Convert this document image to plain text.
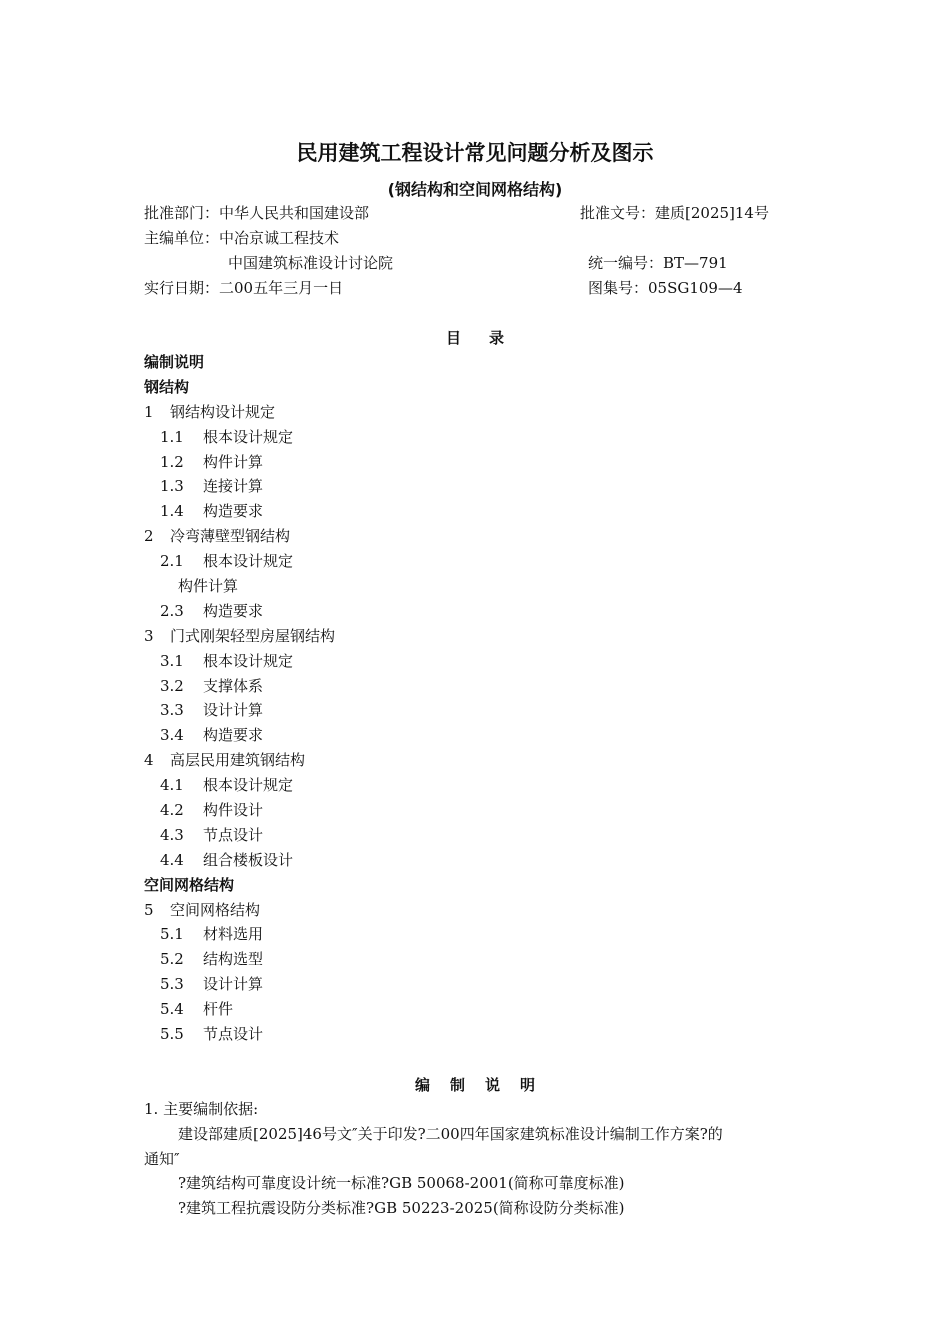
民用建筑工程设计常见问题分析及图示
(钢结构和空间网格结构)
批准部门：中华人民共和国建设部	批准文号：建质[2025]14号
主编单位：中冶京诚工程技术
中国建筑标准设计讨论院	统一编号：BT—791
实行日期：二00五年三月一日	图集号：05SG109—4
目录
编制说明
钢结构
1 钢结构设计规定
1.1 根本设计规定
1.2 构件计算
1.3 连接计算
1.4 构造要求
2 冷弯薄壁型钢结构
2.1 根本设计规定
构件计算
2.3 构造要求
3 门式刚架轻型房屋钢结构
3.1 根本设计规定
3.2 支撑体系
3.3 设计计算
3.4 构造要求
4 高层民用建筑钢结构
4.1 根本设计规定
4.2 构件设计
4.3 节点设计
4.4 组合楼板设计
空间网格结构
5 空间网格结构
5.1 材料选用
5.2 结构选型
5.3 设计计算
5.4 杆件
5.5 节点设计
编制说明
1. 主要编制依据:
建设部建质[2025]46号文″关于印发?二00四年国家建筑标准设计编制工作方案?的
通知″
?建筑结构可靠度设计统一标准?GB 50068-2001(简称可靠度标准)
?建筑工程抗震设防分类标准?GB 50223-2025(简称设防分类标准)
